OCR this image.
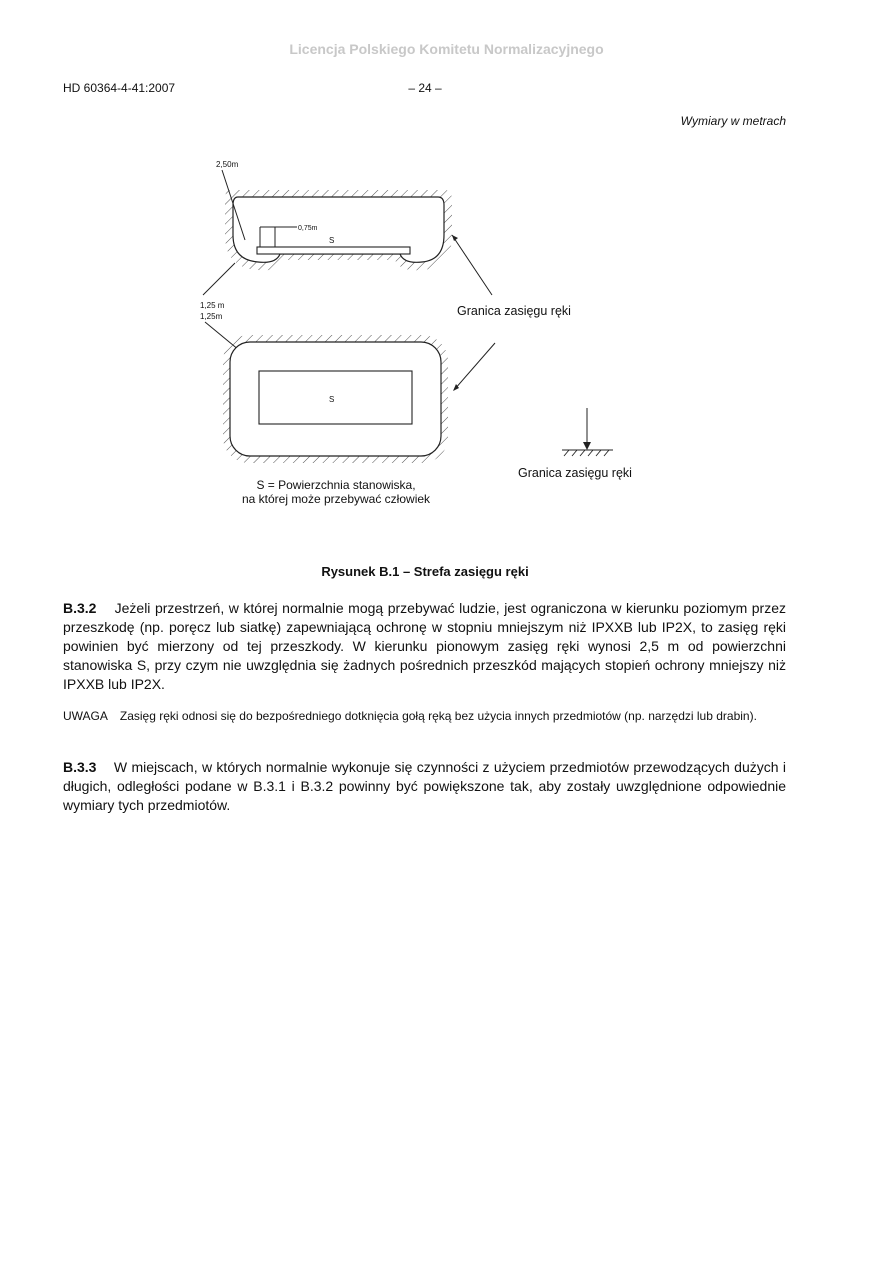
Licencja Polskiego Komitetu Normalizacyjnego
HD 60364-4-41:2007	– 24 –
Wymiary w metrach
0,75m
S
2,50m
1,25 m
1,25m
S
Granica zasięgu ręki
Granica zasięgu ręki
S = Powierzchnia stanowiska,
na której może przebywać człowiek
Rysunek B.1 – Strefa zasięgu ręki

B.3.2 Jeżeli przestrzeń, w której normalnie mogą przebywać ludzie, jest ograniczona w kierunku poziomym przez przeszkodę (np. poręcz lub siatkę) zapewniającą ochronę w stopniu mniejszym niż IPXXB lub IP2X, to zasięg ręki powinien być mierzony od tej przeszkody. W kierunku pionowym zasięg ręki wynosi 2,5 m od powierzchni stanowiska S, przy czym nie uwzględnia się żadnych pośrednich przeszkód mających stopień ochrony mniejszy niż IPXXB lub IP2X.

UWAGA Zasięg ręki odnosi się do bezpośredniego dotknięcia gołą ręką bez użycia innych przedmiotów (np. narzędzi lub drabin).

B.3.3 W miejscach, w których normalnie wykonuje się czynności z użyciem przedmiotów przewodzących dużych i długich, odległości podane w B.3.1 i B.3.2 powinny być powiększone tak, aby zostały uwzględnione odpowiednie wymiary tych przedmiotów.
